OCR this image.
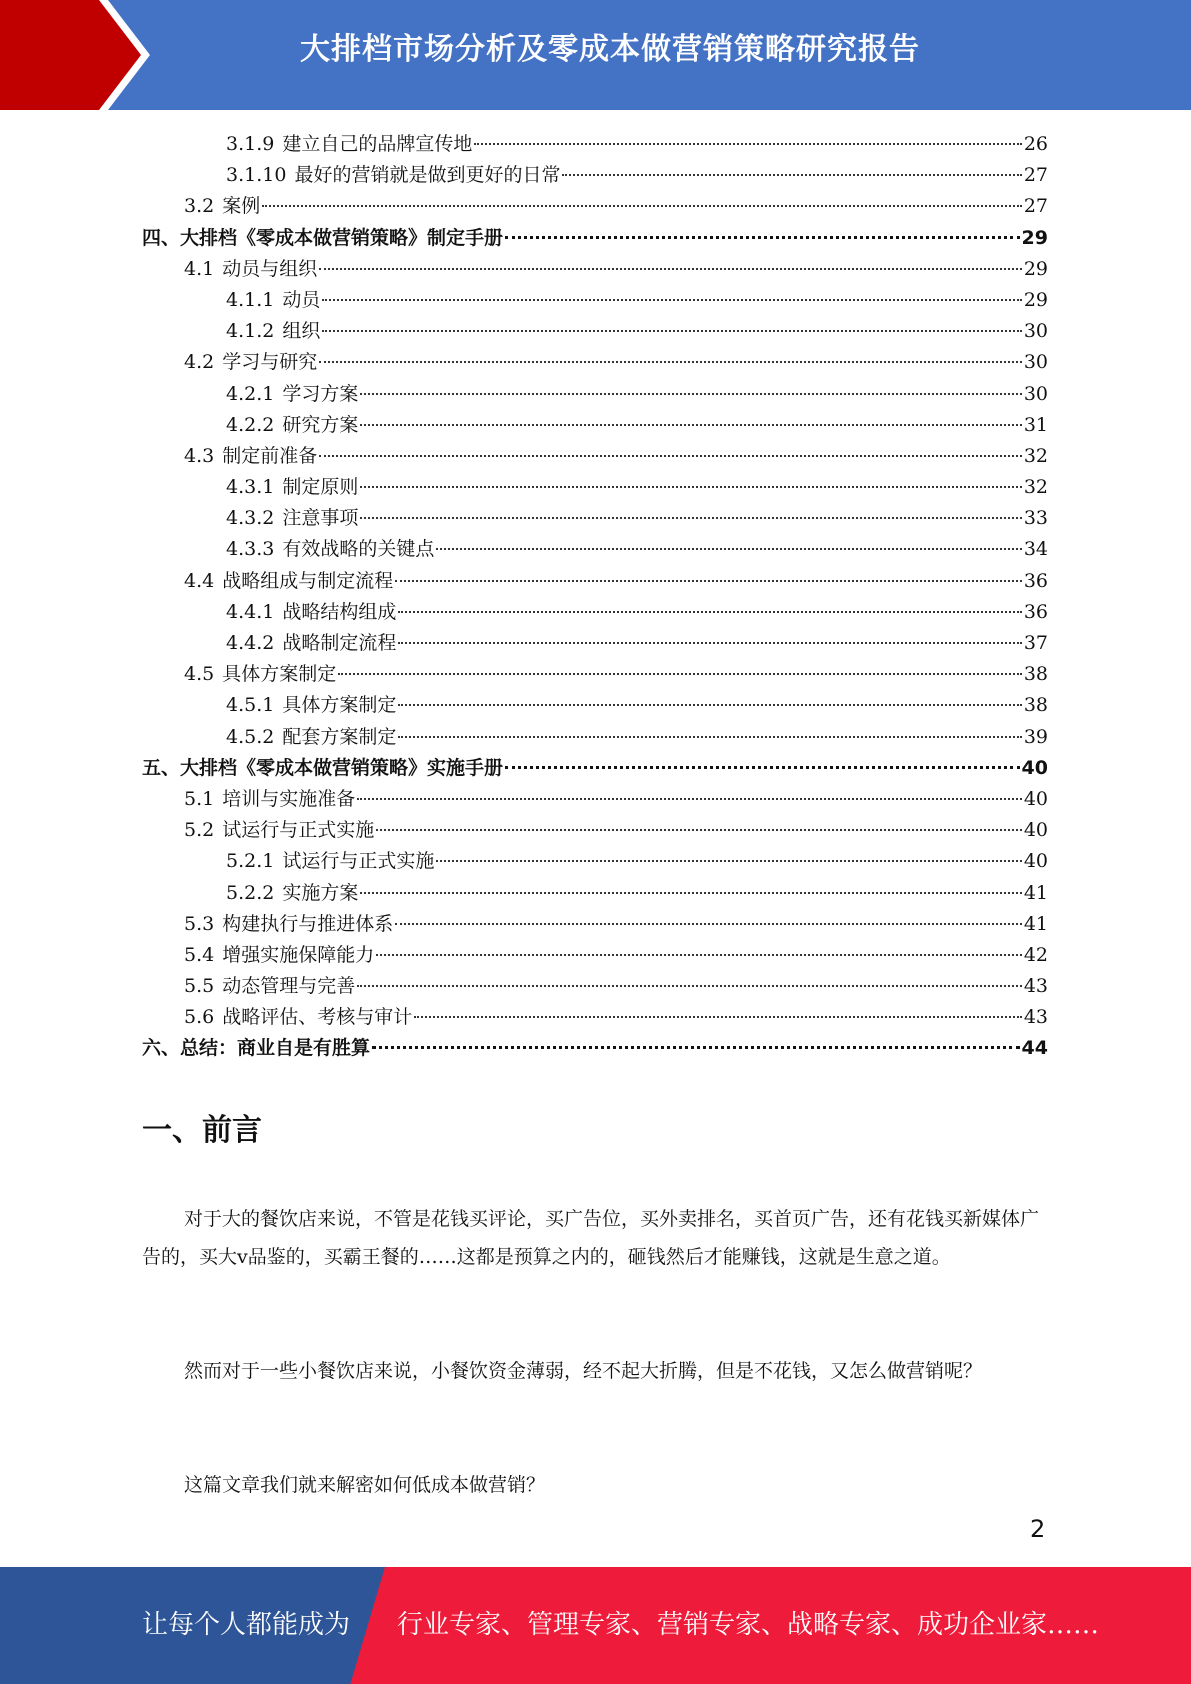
大排档市场分析及零成本做营销策略研究报告
3.1.9 建立自己的品牌宣传地	26
3.1.10 最好的营销就是做到更好的日常	27
3.2 案例	27
四、大排档《零成本做营销策略》制定手册	29
4.1 动员与组织	29
4.1.1 动员	29
4.1.2 组织	30
4.2 学习与研究	30
4.2.1 学习方案	30
4.2.2 研究方案	31
4.3 制定前准备	32
4.3.1 制定原则	32
4.3.2 注意事项	33
4.3.3 有效战略的关键点	34
4.4 战略组成与制定流程	36
4.4.1 战略结构组成	36
4.4.2 战略制定流程	37
4.5 具体方案制定	38
4.5.1 具体方案制定	38
4.5.2 配套方案制定	39
五、大排档《零成本做营销策略》实施手册	40
5.1 培训与实施准备	40
5.2 试运行与正式实施	40
5.2.1 试运行与正式实施	40
5.2.2 实施方案	41
5.3 构建执行与推进体系	41
5.4 增强实施保障能力	42
5.5 动态管理与完善	43
5.6 战略评估、考核与审计	43
六、总结：商业自是有胜算	44
一、前言
对于大的餐饮店来说，不管是花钱买评论，买广告位，买外卖排名，买首页广告，还有花钱买新媒体广告的，买大v品鉴的，买霸王餐的……这都是预算之内的，砸钱然后才能赚钱，这就是生意之道。
然而对于一些小餐饮店来说，小餐饮资金薄弱，经不起大折腾，但是不花钱，又怎么做营销呢？
这篇文章我们就来解密如何低成本做营销？
2
让每个人都能成为 行业专家、管理专家、营销专家、战略专家、成功企业家……
